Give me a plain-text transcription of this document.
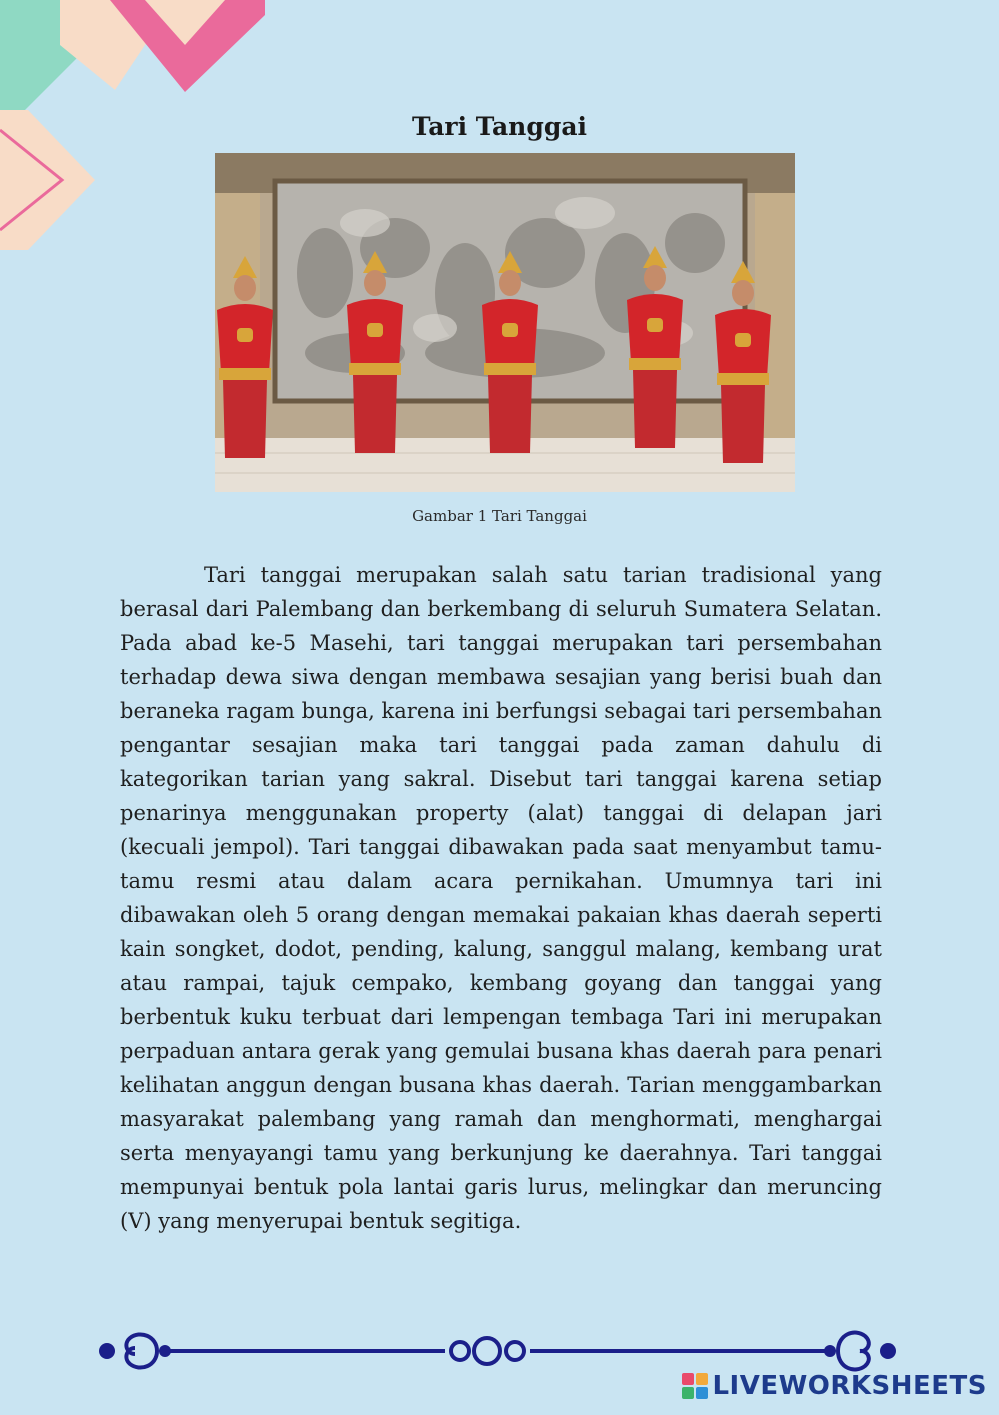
Tari Tanggai
Gambar 1 Tari Tanggai

Tari tanggai merupakan salah satu tarian tradisional yang berasal dari Palembang dan berkembang di seluruh Sumatera Selatan. Pada abad ke-5 Masehi, tari tanggai merupakan tari persembahan terhadap dewa siwa dengan membawa sesajian yang berisi buah dan beraneka ragam bunga, karena ini berfungsi sebagai tari persembahan pengantar sesajian maka tari tanggai pada zaman dahulu di kategorikan tarian yang sakral. Disebut tari tanggai karena setiap penarinya menggunakan property (alat) tanggai di delapan jari (kecuali jempol). Tari tanggai dibawakan pada saat menyambut tamu-tamu resmi atau dalam acara pernikahan. Umumnya tari ini dibawakan oleh 5 orang dengan memakai pakaian khas daerah seperti kain songket, dodot, pending, kalung, sanggul malang, kembang urat atau rampai, tajuk cempako, kembang goyang dan tanggai yang berbentuk kuku terbuat dari lempengan tembaga Tari ini merupakan perpaduan antara gerak yang gemulai busana khas daerah para penari kelihatan anggun dengan busana khas daerah. Tarian menggambarkan masyarakat palembang yang ramah dan menghormati, menghargai serta menyayangi tamu yang berkunjung ke daerahnya. Tari tanggai mempunyai bentuk pola lantai garis lurus, melingkar dan meruncing (V) yang menyerupai bentuk segitiga.

LIVEWORKSHEETS
